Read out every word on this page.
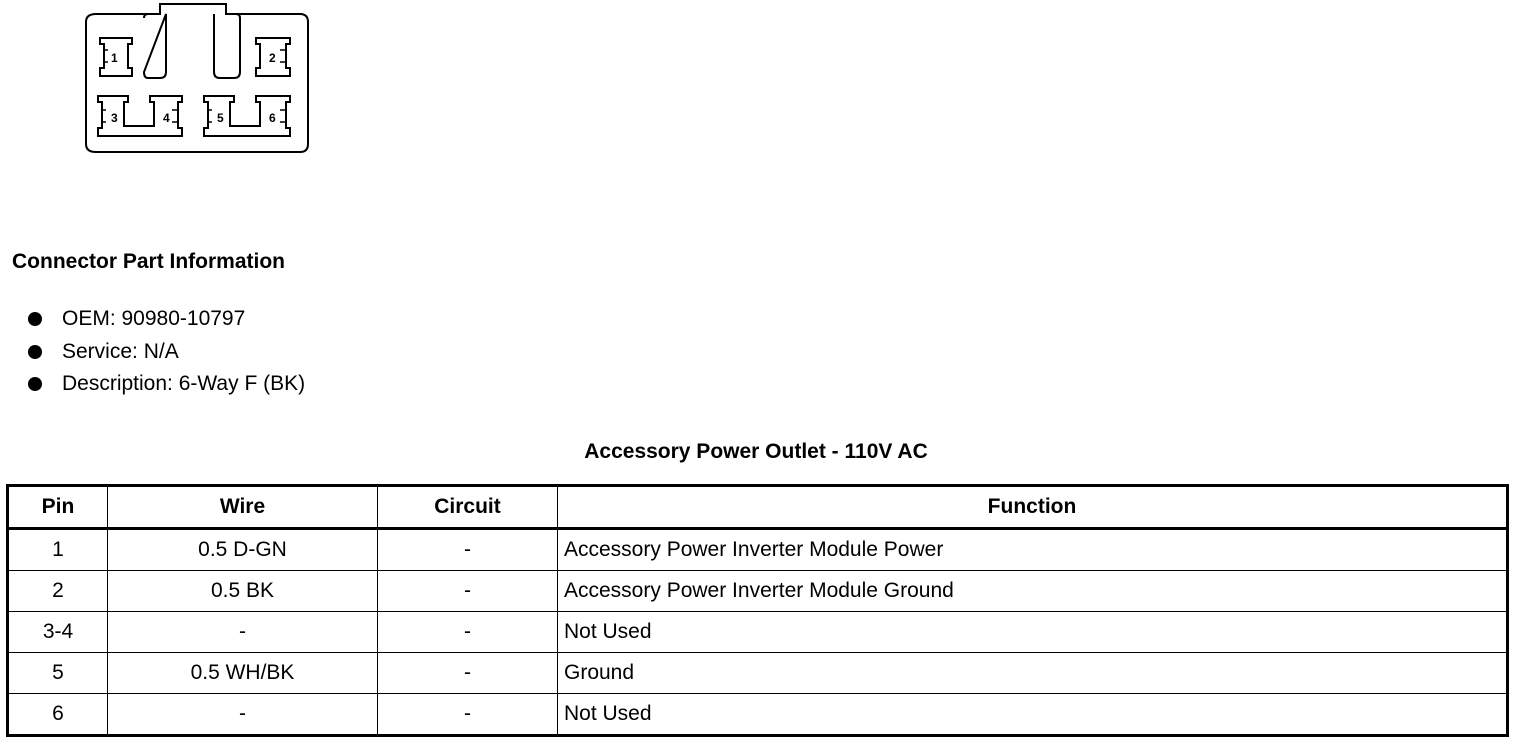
1	2
3	4	5	6
Connector Part Information
OEM: 90980-10797
Service: N/A
Description: 6-Way F (BK)
Accessory Power Outlet - 110V AC
Pin	Wire	Circuit	Function
1	0.5 D-GN	-	Accessory Power Inverter Module Power
2	0.5 BK	-	Accessory Power Inverter Module Ground
3-4	-	-	Not Used
5	0.5 WH/BK	-	Ground
6	-	-	Not Used
